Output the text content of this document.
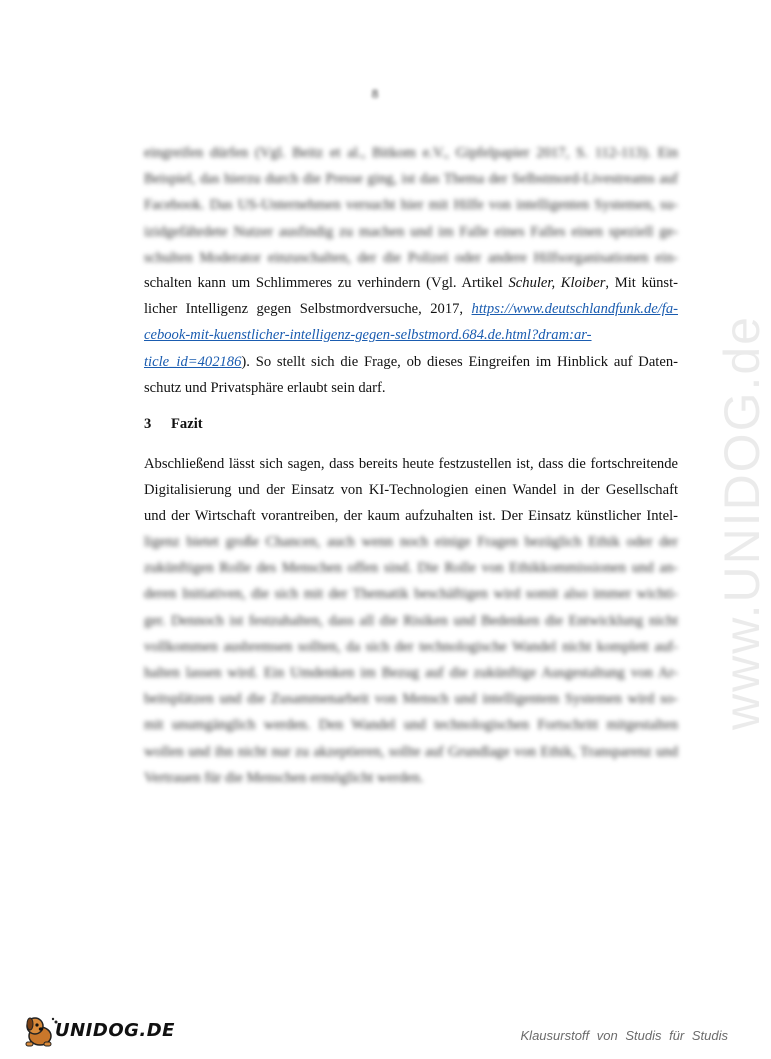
8
eingreifen dürfen (Vgl. Beitz et al., Bitkom e.V., Gipfelpapier 2017, S. 112-113). Ein
Beispiel, das hierzu durch die Presse ging, ist das Thema der Selbstmord-Livestreams auf
Facebook. Das US-Unternehmen versucht hier mit Hilfe von intelligenten Systemen, su-
izidgefährdete Nutzer ausfindig zu machen und im Falle eines Falles einen speziell ge-
schulten Moderator einzuschalten, der die Polizei oder andere Hilfsorganisationen ein-
schalten kann um Schlimmeres zu verhindern (Vgl. Artikel Schuler, Kloiber, Mit künst-
licher Intelligenz gegen Selbstmordversuche, 2017, https://www.deutschlandfunk.de/fa-
cebook-mit-kuenstlicher-intelligenz-gegen-selbstmord.684.de.html?dram:ar-
ticle_id=402186). So stellt sich die Frage, ob dieses Eingreifen im Hinblick auf Daten-
schutz und Privatsphäre erlaubt sein darf.
3 Fazit
Abschließend lässt sich sagen, dass bereits heute festzustellen ist, dass die fortschreitende
Digitalisierung und der Einsatz von KI-Technologien einen Wandel in der Gesellschaft
und der Wirtschaft vorantreiben, der kaum aufzuhalten ist. Der Einsatz künstlicher Intel-
ligenz bietet große Chancen, auch wenn noch einige Fragen bezüglich Ethik oder der
zukünftigen Rolle des Menschen offen sind. Die Rolle von Ethikkommissionen und an-
deren Initiativen, die sich mit der Thematik beschäftigen wird somit also immer wichti-
ger. Dennoch ist festzuhalten, dass all die Risiken und Bedenken die Entwicklung nicht
vollkommen ausbremsen sollten, da sich der technologische Wandel nicht komplett auf-
halten lassen wird. Ein Umdenken im Bezug auf die zukünftige Ausgestaltung von Ar-
beitsplätzen und die Zusammenarbeit von Mensch und intelligentem Systemen wird so-
mit unumgänglich werden. Den Wandel und technologischen Fortschritt mitgestalten
wollen und ihn nicht nur zu akzeptieren, sollte auf Grundlage von Ethik, Transparenz und
Vertrauen für die Menschen ermöglicht werden.
www.UNIDOG.de
UNIDOG.DE	Klausurstoff von Studis für Studis
